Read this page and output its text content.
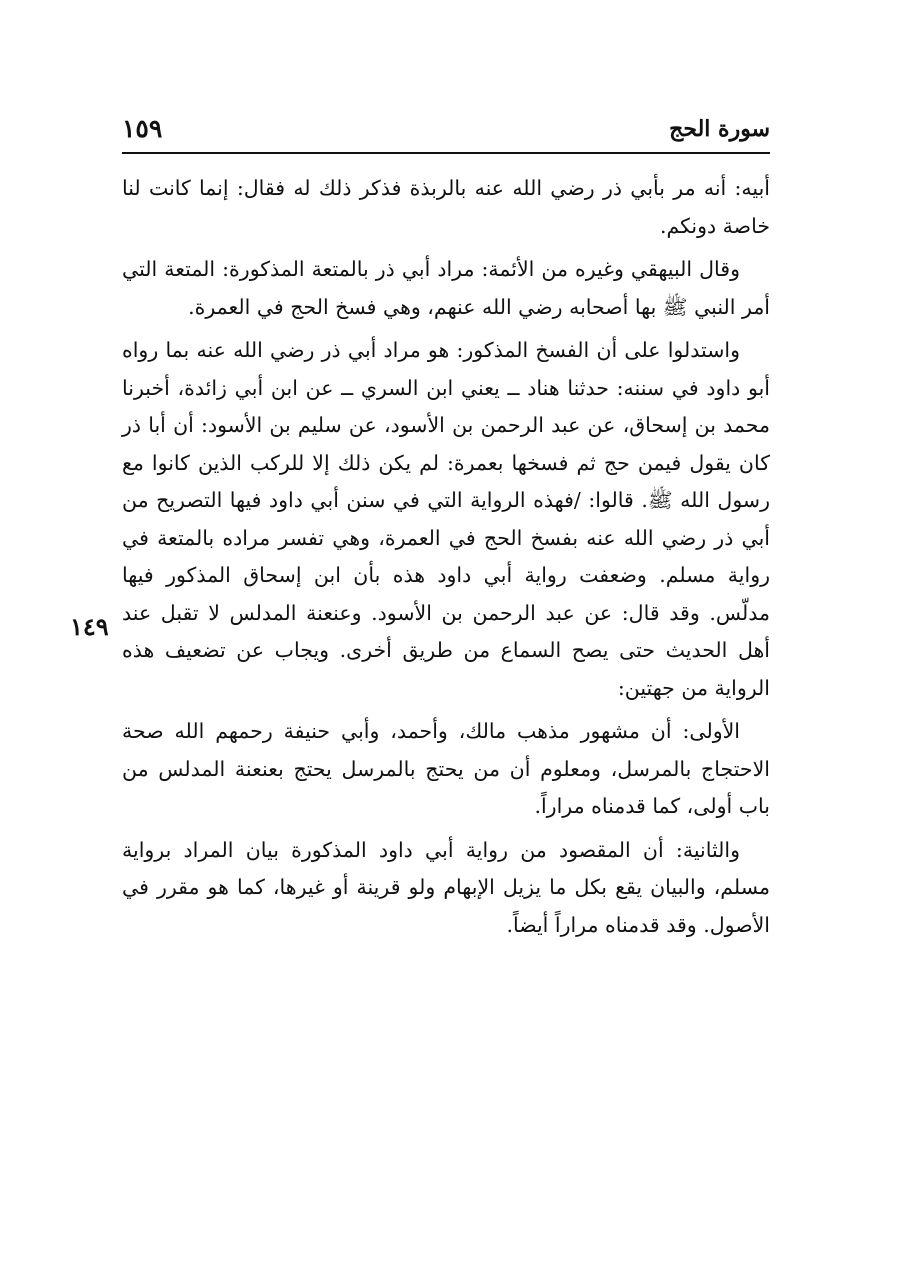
سورة الحج
١٥٩
١٤٩

أبيه: أنه مر بأبي ذر رضي الله عنه بالربذة فذكر ذلك له فقال: إنما كانت لنا خاصة دونكم.

وقال البيهقي وغيره من الأئمة: مراد أبي ذر بالمتعة المذكورة: المتعة التي أمر النبي ﷺ بها أصحابه رضي الله عنهم، وهي فسخ الحج في العمرة.

واستدلوا على أن الفسخ المذكور: هو مراد أبي ذر رضي الله عنه بما رواه أبو داود في سننه: حدثنا هناد ــ يعني ابن السري ــ عن ابن أبي زائدة، أخبرنا محمد بن إسحاق، عن عبد الرحمن بن الأسود، عن سليم بن الأسود: أن أبا ذر كان يقول فيمن حج ثم فسخها بعمرة: لم يكن ذلك إلا للركب الذين كانوا مع رسول الله ﷺ. قالوا: /فهذه الرواية التي في سنن أبي داود فيها التصريح من أبي ذر رضي الله عنه بفسخ الحج في العمرة، وهي تفسر مراده بالمتعة في رواية مسلم. وضعفت رواية أبي داود هذه بأن ابن إسحاق المذكور فيها مدلّس. وقد قال: عن عبد الرحمن بن الأسود. وعنعنة المدلس لا تقبل عند أهل الحديث حتى يصح السماع من طريق أخرى. ويجاب عن تضعيف هذه الرواية من جهتين:

الأولى: أن مشهور مذهب مالك، وأحمد، وأبي حنيفة رحمهم الله صحة الاحتجاج بالمرسل، ومعلوم أن من يحتج بالمرسل يحتج بعنعنة المدلس من باب أولى، كما قدمناه مراراً.

والثانية: أن المقصود من رواية أبي داود المذكورة بيان المراد برواية مسلم، والبيان يقع بكل ما يزيل الإبهام ولو قرينة أو غيرها، كما هو مقرر في الأصول. وقد قدمناه مراراً أيضاً.
